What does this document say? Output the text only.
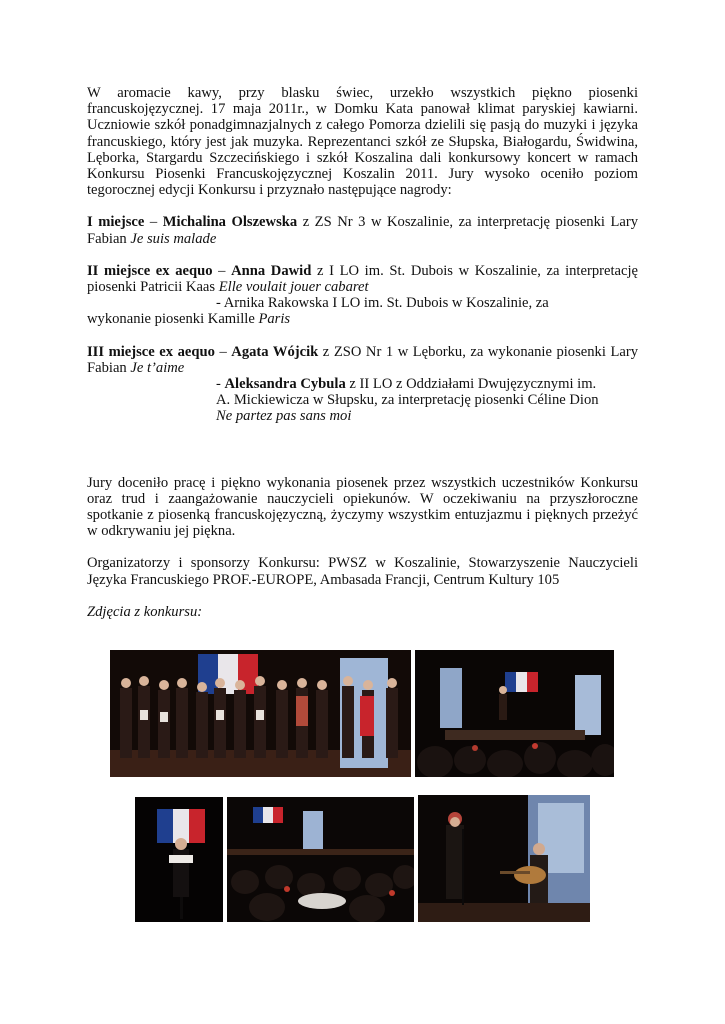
W aromacie kawy, przy blasku świec, urzekło wszystkich piękno piosenki francuskojęzycznej. 17 maja 2011r., w Domku Kata panował klimat paryskiej kawiarni. Uczniowie szkół ponadgimnazjalnych z całego Pomorza dzielili się pasją do muzyki i języka francuskiego, który jest jak muzyka. Reprezentanci szkół ze Słupska, Białogardu, Świdwina, Lęborka, Stargardu Szczecińskiego i szkół Koszalina dali konkursowy koncert w ramach Konkursu Piosenki Francuskojęzycznej Koszalin 2011. Jury wysoko oceniło poziom tegorocznej edycji Konkursu i przyznało następujące nagrody:

I miejsce – Michalina Olszewska z ZS Nr 3 w Koszalinie, za interpretację piosenki Lary Fabian Je suis malade

II miejsce ex aequo – Anna Dawid z I LO im. St. Dubois w Koszalinie, za interpretację piosenki Patricii Kaas Elle voulait jouer cabaret

- Arnika Rakowska I LO im. St. Dubois w Koszalinie, za

wykonanie piosenki Kamille Paris

III miejsce ex aequo – Agata Wójcik z ZSO Nr 1 w Lęborku, za wykonanie piosenki Lary Fabian Je t’aime

- Aleksandra Cybula z II LO z Oddziałami Dwujęzycznymi im.

A. Mickiewicza w Słupsku, za interpretację piosenki Céline Dion

Ne partez pas sans moi

Jury doceniło pracę i piękno wykonania piosenek przez wszystkich uczestników Konkursu oraz trud i zaangażowanie nauczycieli opiekunów. W oczekiwaniu na przyszłoroczne spotkanie z piosenką francuskojęzyczną, życzymy wszystkim entuzjazmu i pięknych przeżyć w odkrywaniu jej piękna.

Organizatorzy i sponsorzy Konkursu: PWSZ w Koszalinie, Stowarzyszenie Nauczycieli Języka Francuskiego PROF.-EUROPE, Ambasada Francji, Centrum Kultury 105

Zdjęcia z konkursu:
